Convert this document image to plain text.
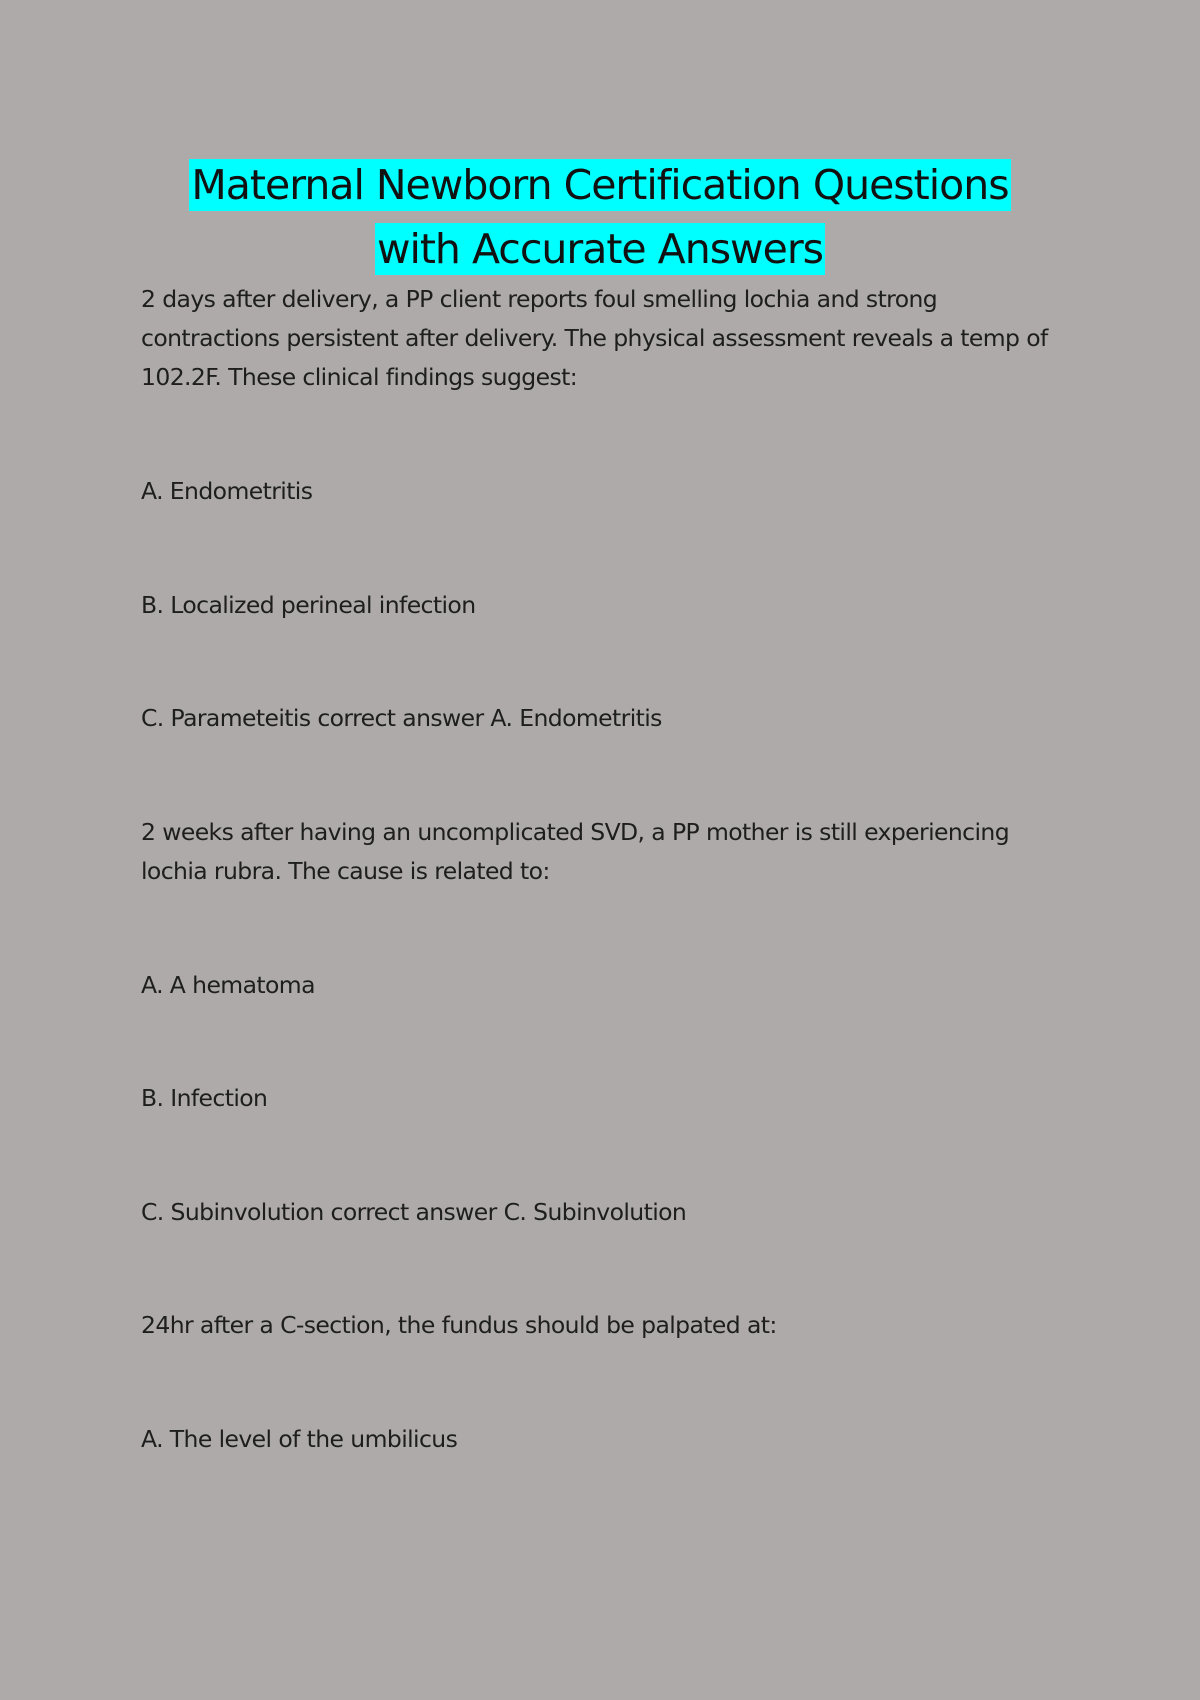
Maternal Newborn Certification Questions
with Accurate Answers

2 days after delivery, a PP client reports foul smelling lochia and strong contractions persistent after delivery. The physical assessment reveals a temp of 102.2F. These clinical findings suggest:

A. Endometritis

B. Localized perineal infection

C. Parameteitis correct answer A. Endometritis

2 weeks after having an uncomplicated SVD, a PP mother is still experiencing lochia rubra. The cause is related to:

A. A hematoma

B. Infection

C. Subinvolution correct answer C. Subinvolution

24hr after a C-section, the fundus should be palpated at:

A. The level of the umbilicus
